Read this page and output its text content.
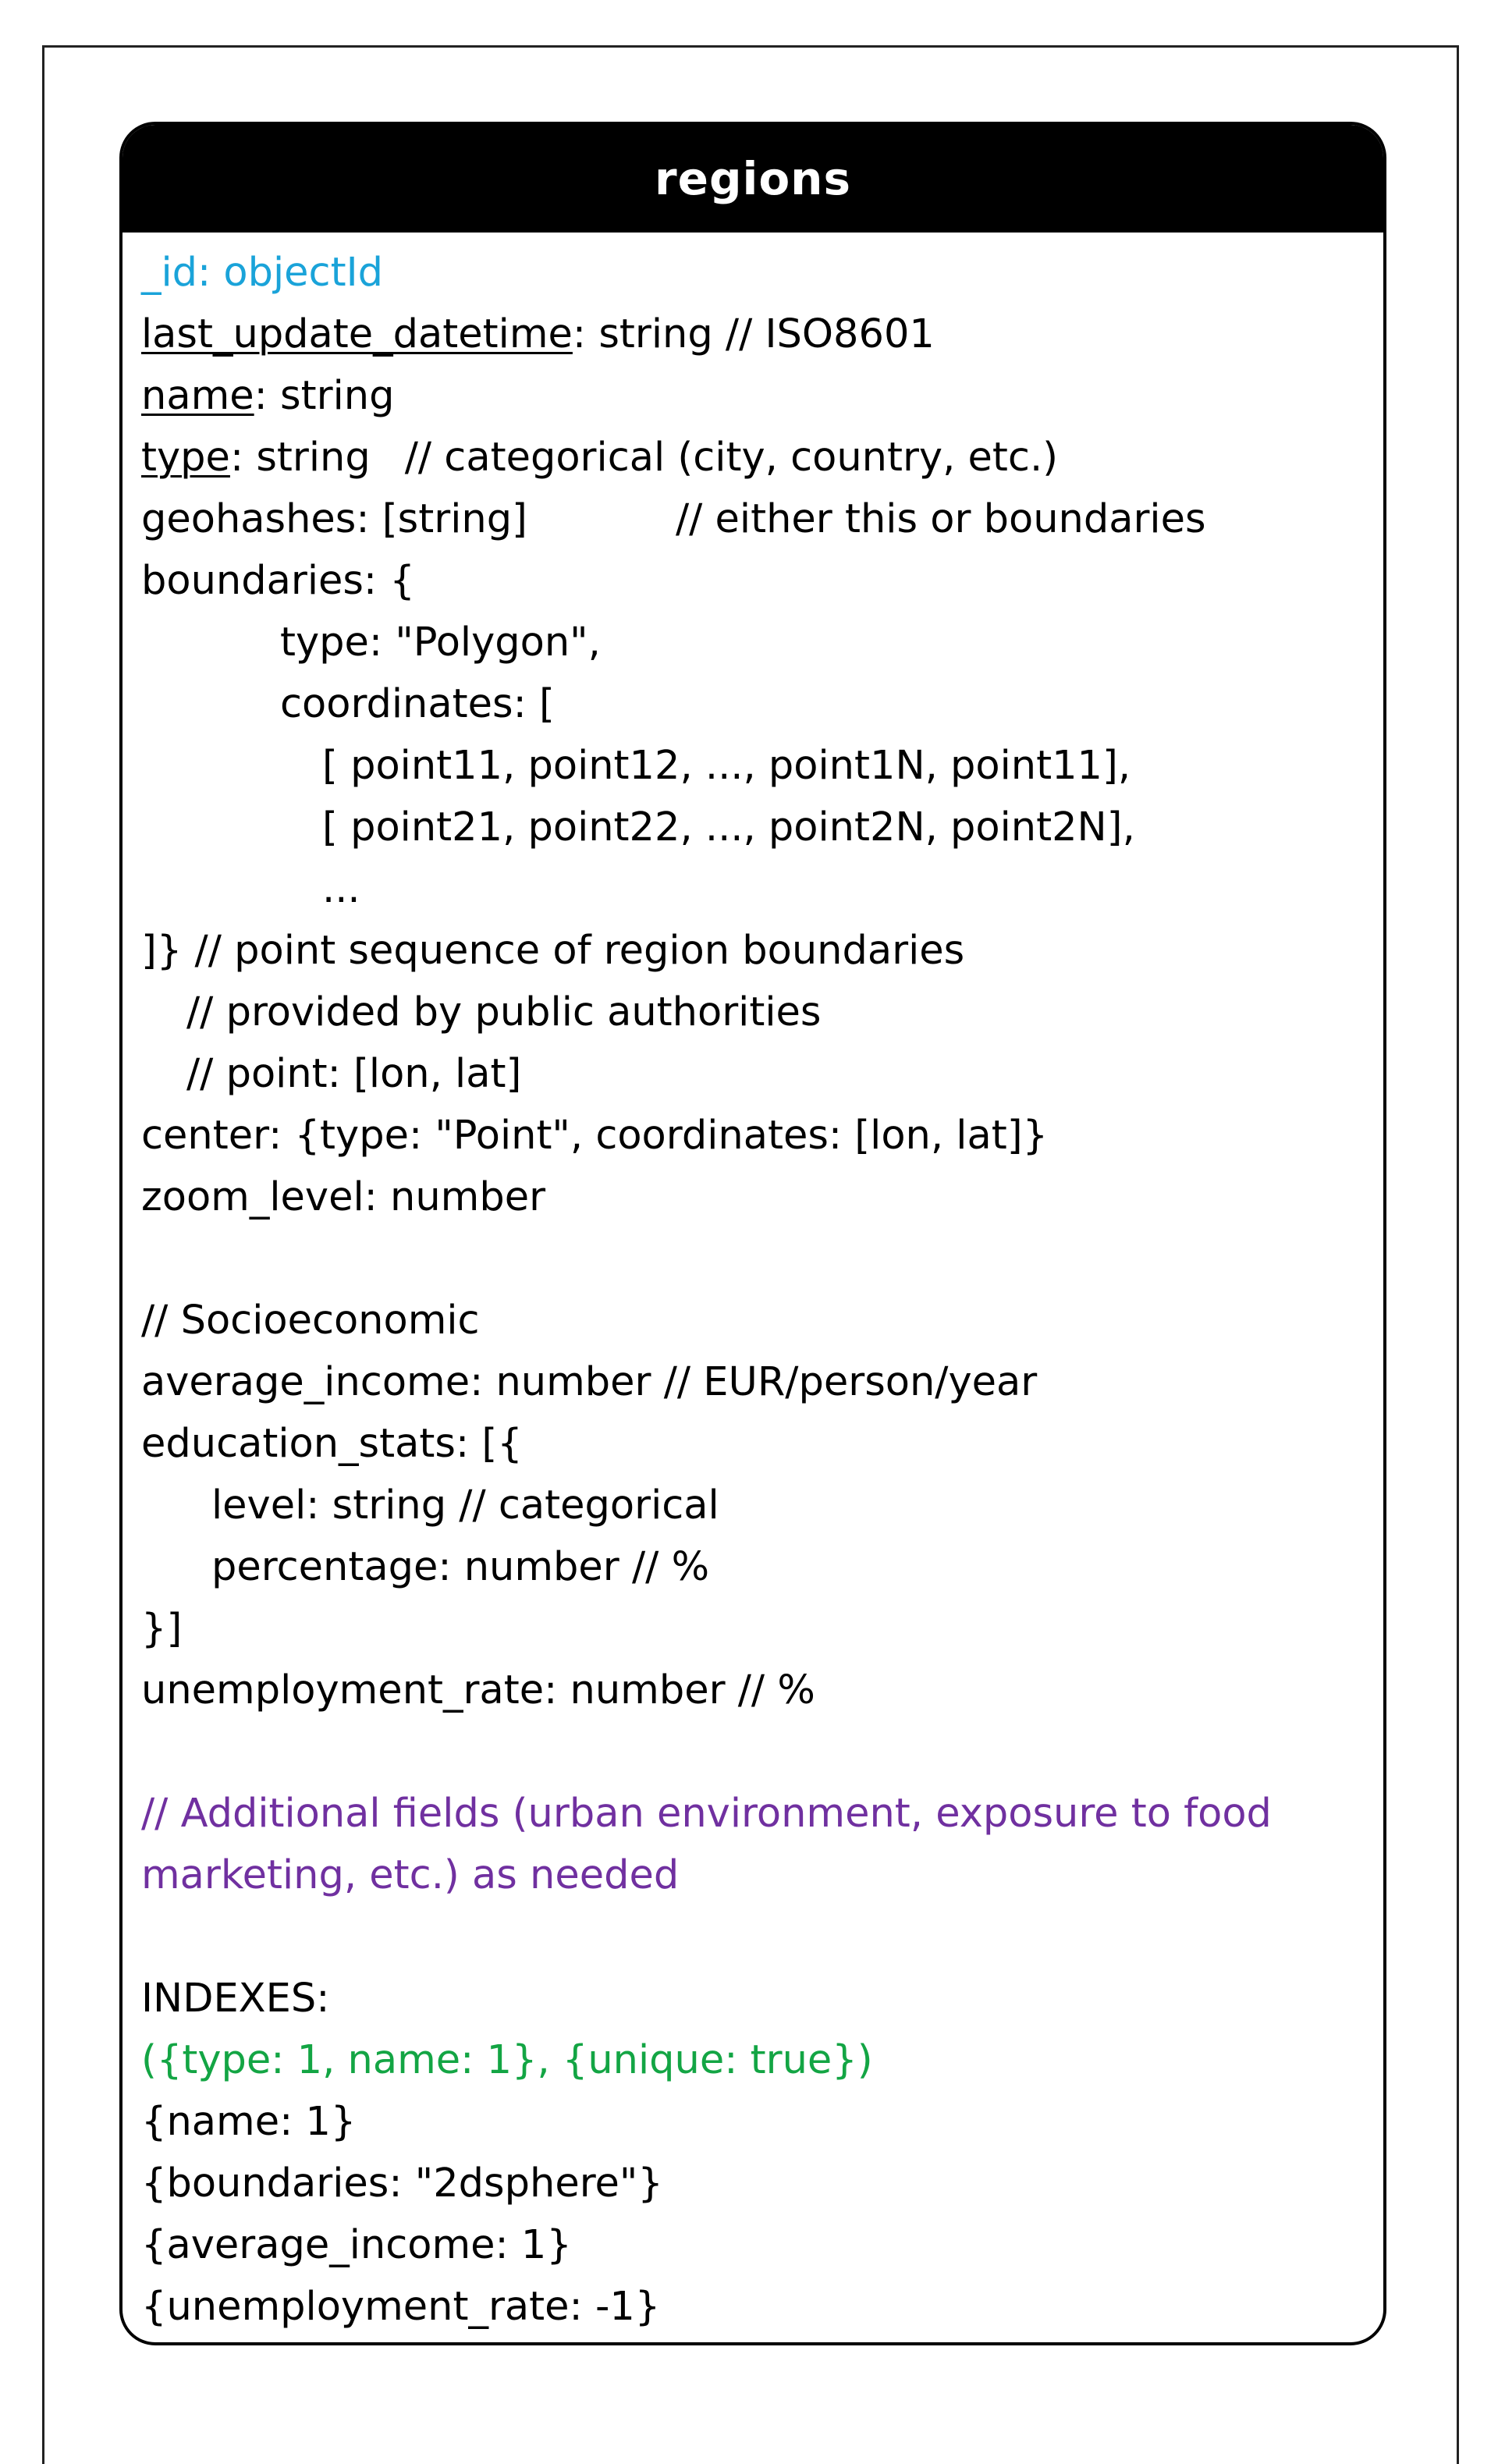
regions
_id: objectId
last_update_datetime: string // ISO8601
name: string
type: string // categorical (city, country, etc.)
geohashes: [string]	// either this or boundaries
boundaries: {
type: "Polygon",
coordinates: [
[ point11, point12, ..., point1N, point11],
[ point21, point22, ..., point2N, point2N],
...
]} // point sequence of region boundaries
// provided by public authorities
// point: [lon, lat]
center: {type: "Point", coordinates: [lon, lat]}
zoom_level: number
// Socioeconomic
average_income: number // EUR/person/year
education_stats: [{
level: string // categorical
percentage: number // %
}]
unemployment_rate: number // %
// Additional fields (urban environment, exposure to food
marketing, etc.) as needed
INDEXES:
({type: 1, name: 1}, {unique: true})
{name: 1}
{boundaries: "2dsphere"}
{average_income: 1}
{unemployment_rate: -1}
